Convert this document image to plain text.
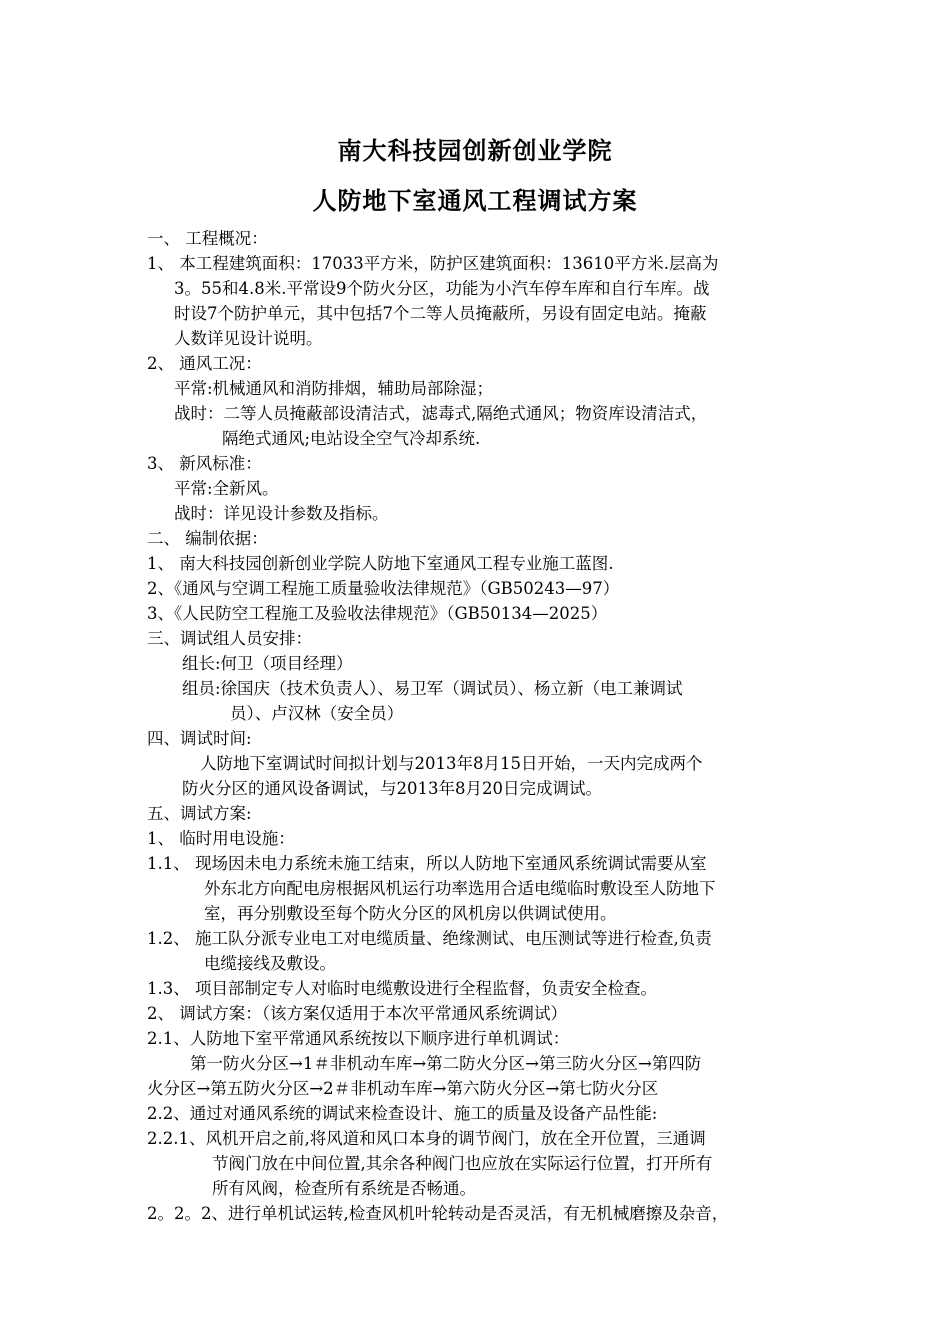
南大科技园创新创业学院
人防地下室通风工程调试方案
一、 工程概况：
1、 本工程建筑面积：17033平方米，防护区建筑面积：13610平方米.层高为
3。55和4.8米.平常设9个防火分区，功能为小汽车停车库和自行车库。战
时设7个防护单元，其中包括7个二等人员掩蔽所，另设有固定电站。掩蔽
人数详见设计说明。
2、 通风工况：
平常:机械通风和消防排烟，辅助局部除湿；
战时：二等人员掩蔽部设清洁式，滤毒式,隔绝式通风；物资库设清洁式，
隔绝式通风;电站设全空气冷却系统.
3、 新风标准：
平常:全新风。
战时：详见设计参数及指标。
二、 编制依据：
1、 南大科技园创新创业学院人防地下室通风工程专业施工蓝图.
2、《通风与空调工程施工质量验收法律规范》（GB50243—97）
3、《人民防空工程施工及验收法律规范》（GB50134—2025）
三、调试组人员安排：
组长:何卫（项目经理）
组员:徐国庆（技术负责人）、易卫军（调试员）、杨立新（电工兼调试
员）、卢汉林（安全员）
四、调试时间:
人防地下室调试时间拟计划与2013年8月15日开始，一天内完成两个
防火分区的通风设备调试，与2013年8月20日完成调试。
五、调试方案:
1、 临时用电设施：
1.1、 现场因未电力系统未施工结束，所以人防地下室通风系统调试需要从室
外东北方向配电房根据风机运行功率选用合适电缆临时敷设至人防地下
室，再分别敷设至每个防火分区的风机房以供调试使用。
1.2、 施工队分派专业电工对电缆质量、绝缘测试、电压测试等进行检查,负责
电缆接线及敷设。
1.3、 项目部制定专人对临时电缆敷设进行全程监督，负责安全检查。
2、 调试方案：（该方案仅适用于本次平常通风系统调试）
2.1、人防地下室平常通风系统按以下顺序进行单机调试：
第一防火分区→1＃非机动车库→第二防火分区→第三防火分区→第四防
火分区→第五防火分区→2＃非机动车库→第六防火分区→第七防火分区
2.2、通过对通风系统的调试来检查设计、施工的质量及设备产品性能:
2.2.1、风机开启之前,将风道和风口本身的调节阀门，放在全开位置，三通调
节阀门放在中间位置,其余各种阀门也应放在实际运行位置，打开所有
所有风阀，检查所有系统是否畅通。
2。2。2、进行单机试运转,检查风机叶轮转动是否灵活，有无机械磨擦及杂音，
